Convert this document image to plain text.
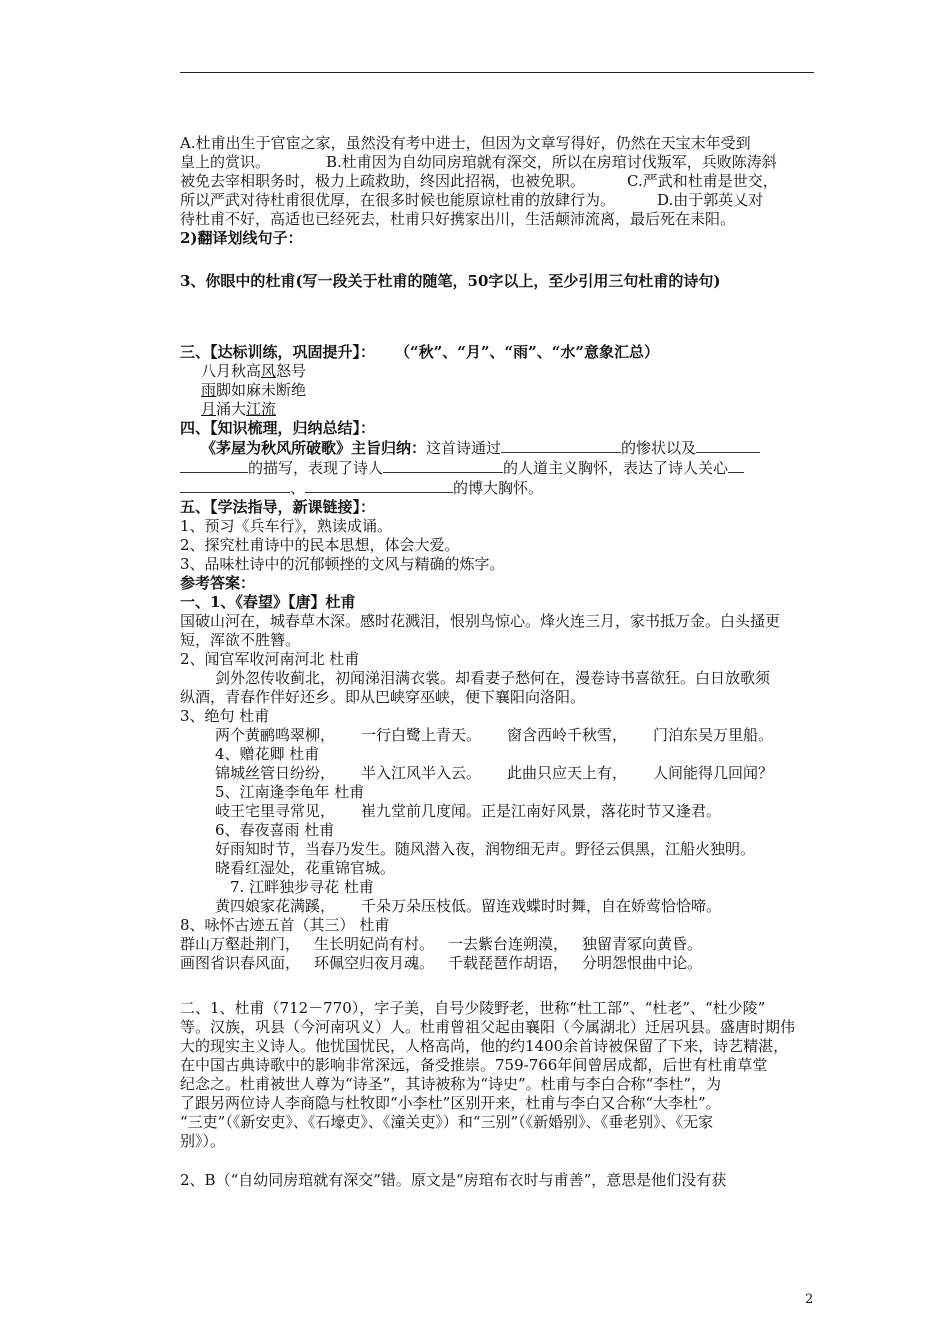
A.杜甫出生于官宦之家，虽然没有考中进士，但因为文章写得好，仍然在天宝末年受到

皇上的赏识。	B.杜甫因为自幼同房琯就有深交，所以在房琯讨伐叛军，兵败陈涛斜

被免去宰相职务时，极力上疏救助，终因此招祸，也被免职。	C.严武和杜甫是世交，

所以严武对待杜甫很优厚，在很多时候也能原谅杜甫的放肆行为。	D.由于郭英乂对

待杜甫不好，高适也已经死去，杜甫只好携家出川，生活颠沛流离，最后死在耒阳。

2)翻译划线句子：

3、你眼中的杜甫(写一段关于杜甫的随笔，50字以上，至少引用三句杜甫的诗句)

三、【达标训练，巩固提升】： （“秋”、“月”、“雨”、“水”意象汇总）

八月秋高风怒号

雨脚如麻未断绝

月涌大江流

四、【知识梳理，归纳总结】：

《茅屋为秋风所破歌》主旨归纳：这首诗通过	的惨状以及

的描写，表现了诗人	的人道主义胸怀，表达了诗人关心

、	的博大胸怀。

五、【学法指导，新课链接】：

1、预习《兵车行》，熟读成诵。

2、探究杜甫诗中的民本思想，体会大爱。

3、品味杜诗中的沉郁顿挫的文风与精确的炼字。

参考答案：

一、1、《春望》【唐】杜甫

国破山河在，城春草木深。感时花溅泪，恨别鸟惊心。烽火连三月，家书抵万金。白头搔更

短，浑欲不胜簪。

2、闻官军收河南河北 杜甫

剑外忽传收蓟北，初闻涕泪满衣裳。却看妻子愁何在，漫卷诗书喜欲狂。白日放歌须

纵酒，青春作伴好还乡。即从巴峡穿巫峡，便下襄阳向洛阳。

3、绝句 杜甫

两个黄鹂鸣翠柳， 一行白鹭上青天。 窗含西岭千秋雪， 门泊东吴万里船。

4、赠花卿 杜甫

锦城丝管日纷纷， 半入江风半入云。 此曲只应天上有， 人间能得几回闻？

5、江南逢李龟年 杜甫

岐王宅里寻常见， 崔九堂前几度闻。正是江南好风景，落花时节又逢君。

6、春夜喜雨 杜甫

好雨知时节，当春乃发生。随风潜入夜，润物细无声。野径云俱黑，江船火独明。

晓看红湿处，花重锦官城。

7. 江畔独步寻花 杜甫

黄四娘家花满蹊， 千朵万朵压枝低。留连戏蝶时时舞，自在娇莺恰恰啼。

8、咏怀古迹五首（其三） 杜甫

群山万壑赴荆门， 生长明妃尚有村。 一去紫台连朔漠， 独留青冢向黄昏。

画图省识春风面， 环佩空归夜月魂。 千载琵琶作胡语， 分明怨恨曲中论。

二、1、杜甫（712－770），字子美，自号少陵野老，世称“杜工部”、“杜老”、“杜少陵”

等。汉族，巩县（今河南巩义）人。杜甫曾祖父起由襄阳（今属湖北）迁居巩县。盛唐时期伟

大的现实主义诗人。他忧国忧民，人格高尚，他的约1400余首诗被保留了下来，诗艺精湛，

在中国古典诗歌中的影响非常深远，备受推崇。759-766年间曾居成都，后世有杜甫草堂

纪念之。杜甫被世人尊为“诗圣”，其诗被称为“诗史”。杜甫与李白合称“李杜”，为

了跟另两位诗人李商隐与杜牧即“小李杜”区别开来，杜甫与李白又合称“大李杜”。

“三吏”（《新安吏》、《石壕吏》、《潼关吏》）和“三别”（《新婚别》、《垂老别》、《无家

别》）。

2、B（“自幼同房琯就有深交”错。原文是“房琯布衣时与甫善”，意思是他们没有获

2
